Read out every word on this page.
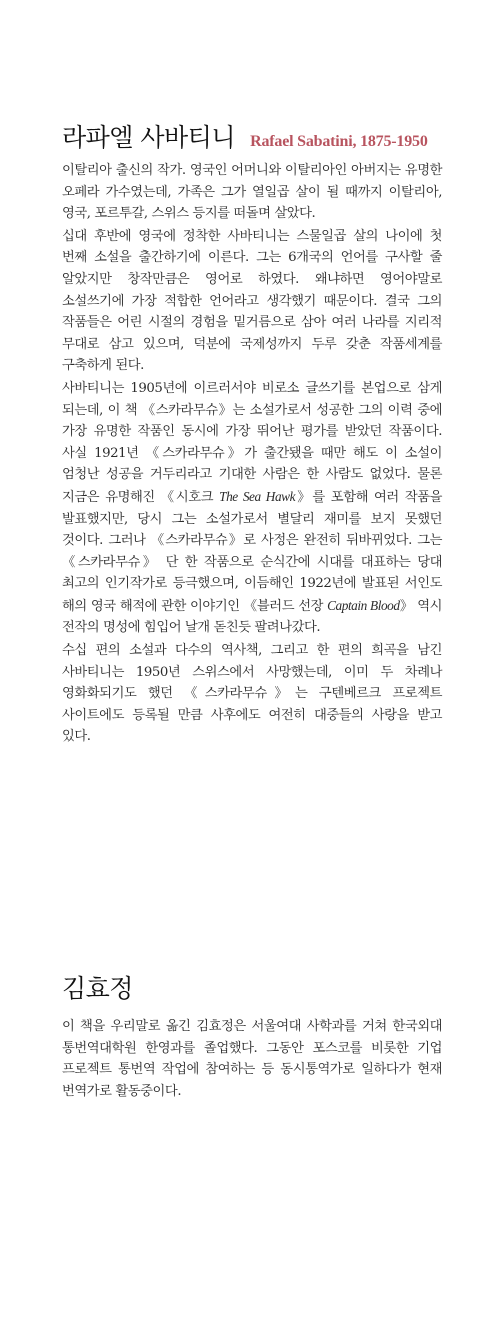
라파엘 사바티니 Rafael Sabatini, 1875-1950

이탈리아 출신의 작가. 영국인 어머니와 이탈리아인 아버지는 유명한 오페라 가수였는데, 가족은 그가 열일곱 살이 될 때까지 이탈리아, 영국, 포르투갈, 스위스 등지를 떠돌며 살았다.

십대 후반에 영국에 정착한 사바티니는 스물일곱 살의 나이에 첫 번째 소설을 출간하기에 이른다. 그는 6개국의 언어를 구사할 줄 알았지만 창작만큼은 영어로 하였다. 왜냐하면 영어야말로 소설쓰기에 가장 적합한 언어라고 생각했기 때문이다. 결국 그의 작품들은 어린 시절의 경험을 밑거름으로 삼아 여러 나라를 지리적 무대로 삼고 있으며, 덕분에 국제성까지 두루 갖춘 작품세계를 구축하게 된다.

사바티니는 1905년에 이르러서야 비로소 글쓰기를 본업으로 삼게 되는데, 이 책 《스카라무슈》는 소설가로서 성공한 그의 이력 중에 가장 유명한 작품인 동시에 가장 뛰어난 평가를 받았던 작품이다. 사실 1921년 《스카라무슈》가 출간됐을 때만 해도 이 소설이 엄청난 성공을 거두리라고 기대한 사람은 한 사람도 없었다. 물론 지금은 유명해진 《시호크 The Sea Hawk》를 포함해 여러 작품을 발표했지만, 당시 그는 소설가로서 별달리 재미를 보지 못했던 것이다. 그러나 《스카라무슈》로 사정은 완전히 뒤바뀌었다. 그는 《스카라무슈》 단 한 작품으로 순식간에 시대를 대표하는 당대 최고의 인기작가로 등극했으며, 이듬해인 1922년에 발표된 서인도 해의 영국 해적에 관한 이야기인 《블러드 선장 Captain Blood》 역시 전작의 명성에 힘입어 날개 돋친듯 팔려나갔다.

수십 편의 소설과 다수의 역사책, 그리고 한 편의 희곡을 남긴 사바티니는 1950년 스위스에서 사망했는데, 이미 두 차례나 영화화되기도 했던 《스카라무슈》는 구텐베르크 프로젝트 사이트에도 등록될 만큼 사후에도 여전히 대중들의 사랑을 받고 있다.

김효정

이 책을 우리말로 옮긴 김효정은 서울여대 사학과를 거쳐 한국외대 통번역대학원 한영과를 졸업했다. 그동안 포스코를 비롯한 기업 프로젝트 통번역 작업에 참여하는 등 동시통역가로 일하다가 현재 번역가로 활동중이다.
